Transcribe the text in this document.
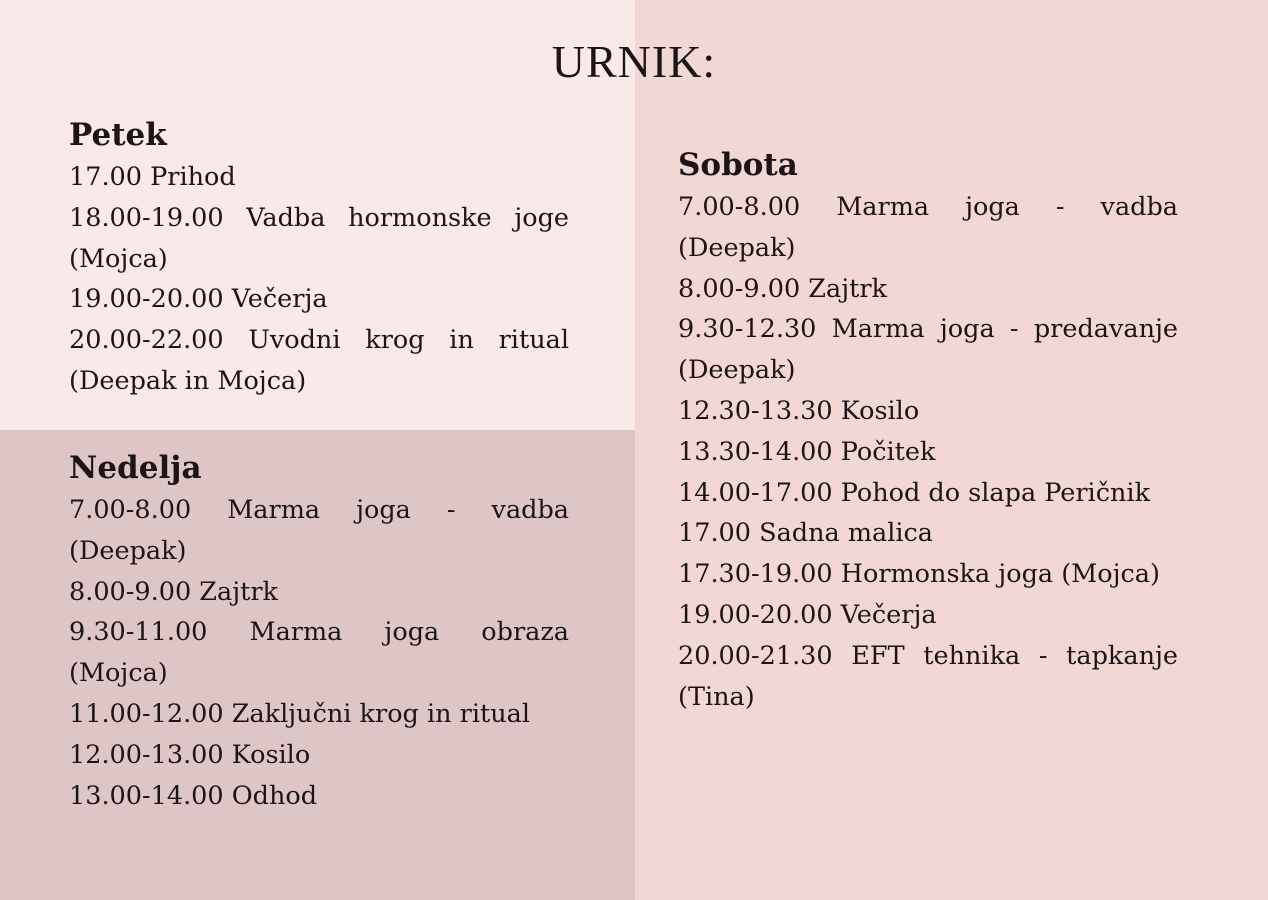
URNIK:
Petek
17.00 Prihod
18.00-19.00 Vadba hormonske joge (Mojca)
19.00-20.00 Večerja
20.00-22.00 Uvodni krog in ritual (Deepak in Mojca)
Nedelja
7.00-8.00 Marma joga - vadba (Deepak)
8.00-9.00 Zajtrk
9.30-11.00 Marma joga obraza (Mojca)
11.00-12.00 Zaključni krog in ritual
12.00-13.00 Kosilo
13.00-14.00 Odhod
Sobota
7.00-8.00 Marma joga - vadba (Deepak)
8.00-9.00 Zajtrk
9.30-12.30 Marma joga - predavanje (Deepak)
12.30-13.30 Kosilo
13.30-14.00 Počitek
14.00-17.00 Pohod do slapa Peričnik
17.00 Sadna malica
17.30-19.00 Hormonska joga (Mojca)
19.00-20.00 Večerja
20.00-21.30 EFT tehnika - tapkanje (Tina)
